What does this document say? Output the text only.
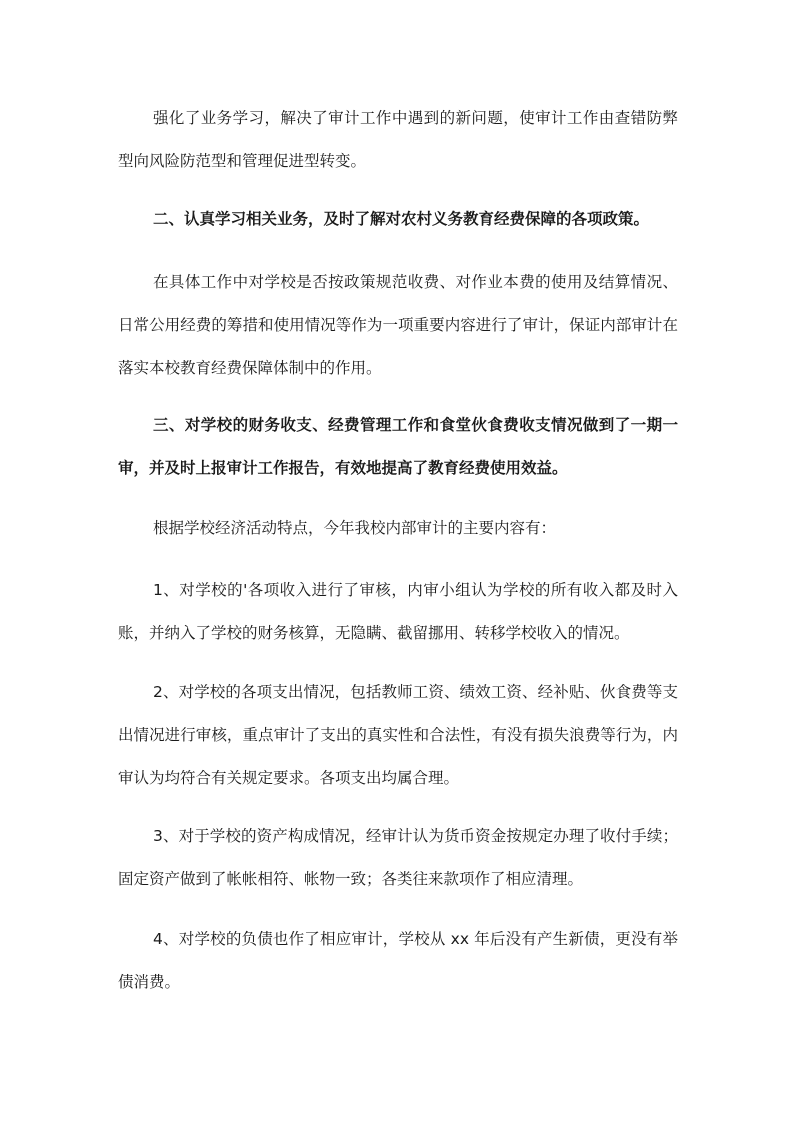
强化了业务学习，解决了审计工作中遇到的新问题，使审计工作由查错防弊型向风险防范型和管理促进型转变。

二、认真学习相关业务，及时了解对农村义务教育经费保障的各项政策。

在具体工作中对学校是否按政策规范收费、对作业本费的使用及结算情况、日常公用经费的筹措和使用情况等作为一项重要内容进行了审计，保证内部审计在落实本校教育经费保障体制中的作用。

三、对学校的财务收支、经费管理工作和食堂伙食费收支情况做到了一期一审，并及时上报审计工作报告，有效地提高了教育经费使用效益。

根据学校经济活动特点，今年我校内部审计的主要内容有：

1、对学校的'各项收入进行了审核，内审小组认为学校的所有收入都及时入账，并纳入了学校的财务核算，无隐瞒、截留挪用、转移学校收入的情况。

2、对学校的各项支出情况，包括教师工资、绩效工资、经补贴、伙食费等支出情况进行审核，重点审计了支出的真实性和合法性，有没有损失浪费等行为，内审认为均符合有关规定要求。各项支出均属合理。

3、对于学校的资产构成情况，经审计认为货币资金按规定办理了收付手续；固定资产做到了帐帐相符、帐物一致；各类往来款项作了相应清理。

4、对学校的负债也作了相应审计，学校从 xx 年后没有产生新债，更没有举债消费。
